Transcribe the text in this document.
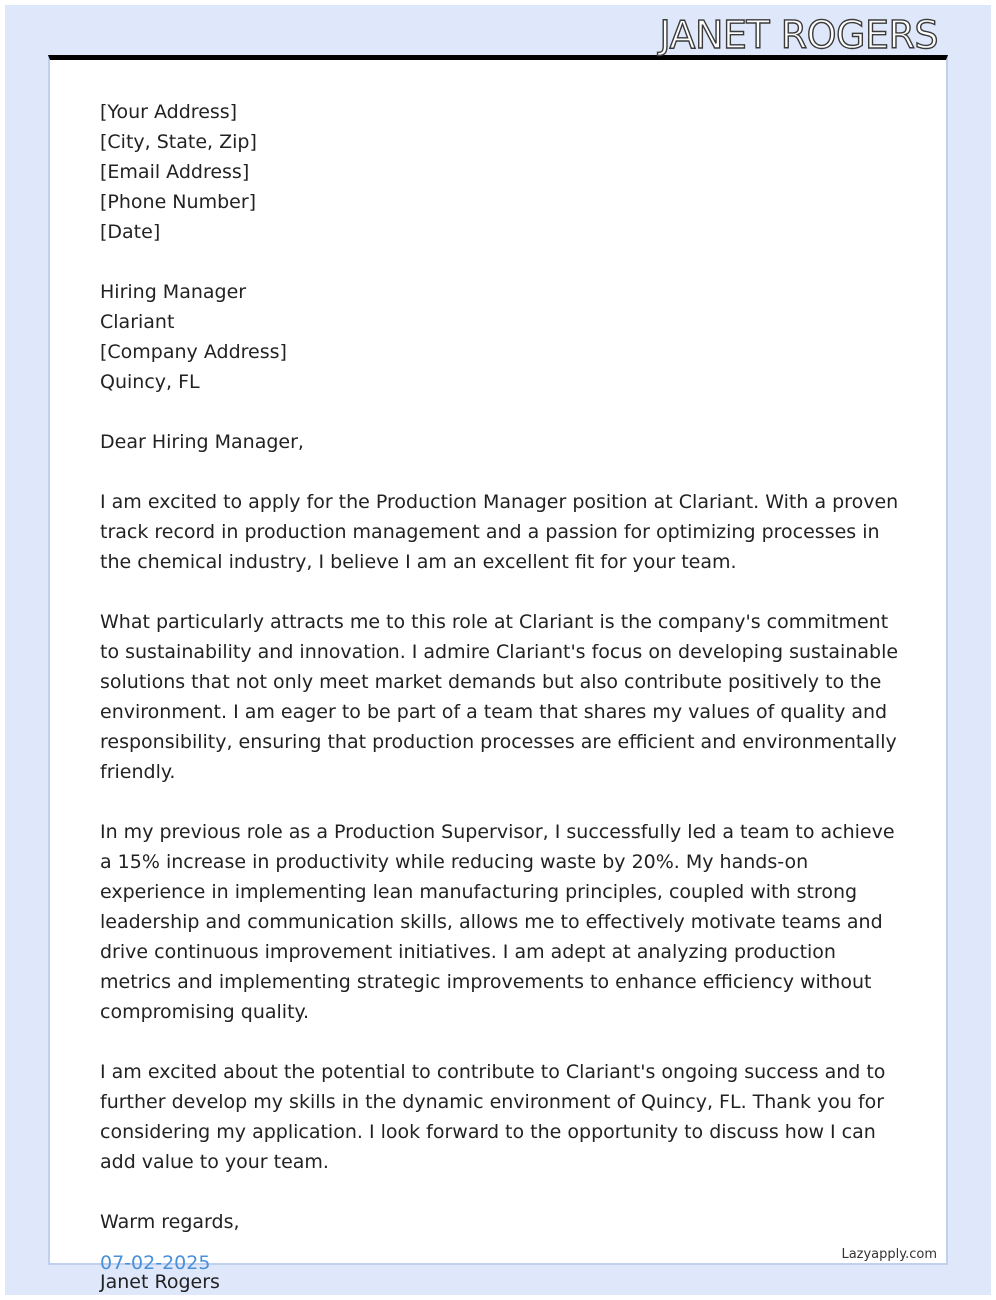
JANET ROGERS
[Your Address]
[City, State, Zip]
[Email Address]
[Phone Number]
[Date]
Hiring Manager
Clariant
[Company Address]
Quincy, FL
Dear Hiring Manager,
I am excited to apply for the Production Manager position at Clariant. With a proven track record in production management and a passion for optimizing processes in the chemical industry, I believe I am an excellent fit for your team.
What particularly attracts me to this role at Clariant is the company's commitment to sustainability and innovation. I admire Clariant's focus on developing sustainable solutions that not only meet market demands but also contribute positively to the environment. I am eager to be part of a team that shares my values of quality and responsibility, ensuring that production processes are efficient and environmentally friendly.
In my previous role as a Production Supervisor, I successfully led a team to achieve a 15% increase in productivity while reducing waste by 20%. My hands-on experience in implementing lean manufacturing principles, coupled with strong leadership and communication skills, allows me to effectively motivate teams and drive continuous improvement initiatives. I am adept at analyzing production metrics and implementing strategic improvements to enhance efficiency without compromising quality.
I am excited about the potential to contribute to Clariant's ongoing success and to further develop my skills in the dynamic environment of Quincy, FL. Thank you for considering my application. I look forward to the opportunity to discuss how I can add value to your team.
Warm regards,
Janet Rogers
07-02-2025	Lazyapply.com
